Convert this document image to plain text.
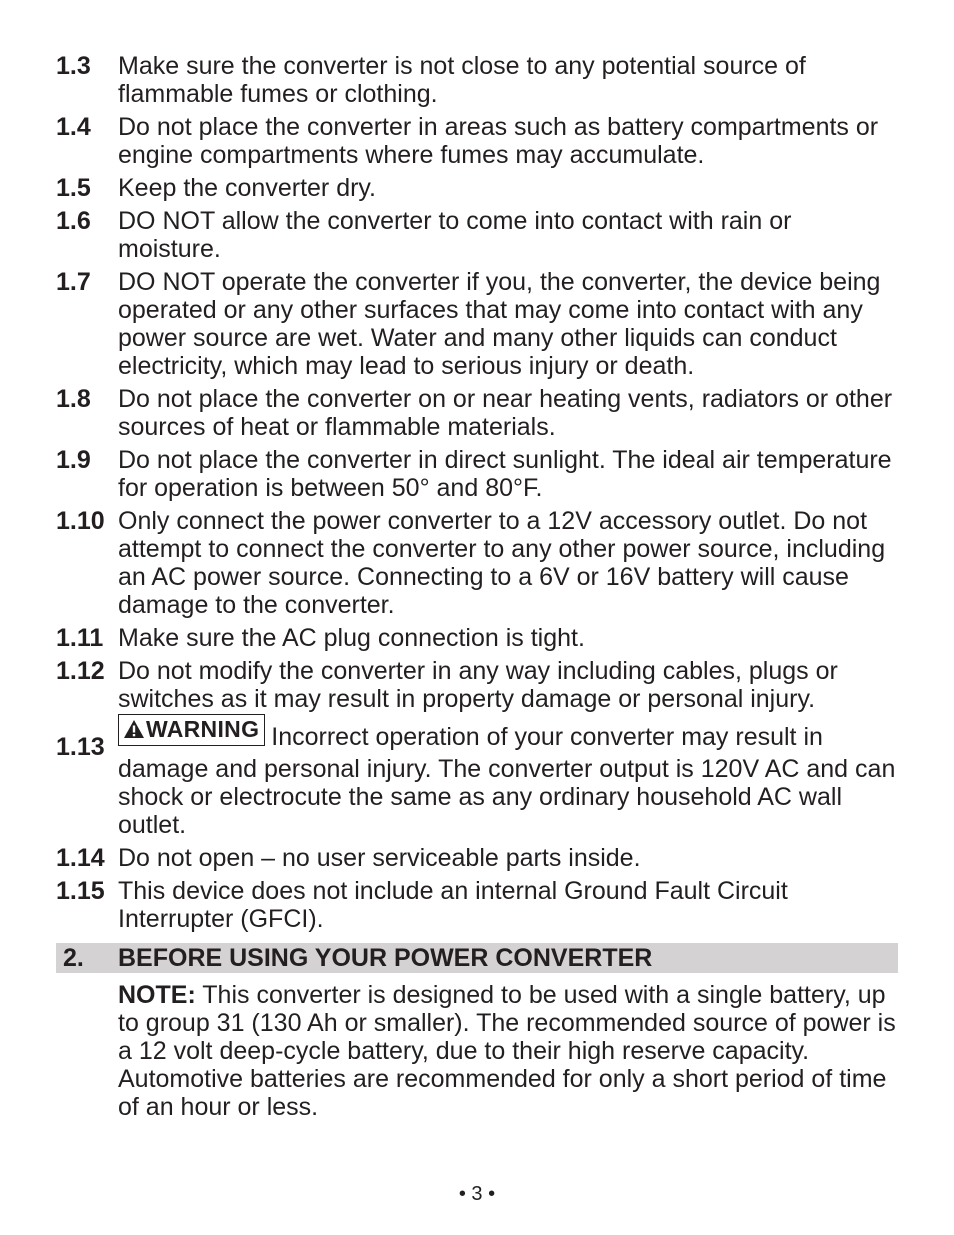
1.3	Make sure the converter is not close to any potential source of flammable fumes or clothing.
1.4	Do not place the converter in areas such as battery compartments or engine compartments where fumes may accumulate.
1.5	Keep the converter dry.
1.6	DO NOT allow the converter to come into contact with rain or moisture.
1.7	DO NOT operate the converter if you, the converter, the device being operated or any other surfaces that may come into contact with any power source are wet. Water and many other liquids can conduct electricity, which may lead to serious injury or death.
1.8	Do not place the converter on or near heating vents, radiators or other sources of heat or flammable materials.
1.9	Do not place the converter in direct sunlight. The ideal air temperature for operation is between 50° and 80°F.
1.10 Only connect the power converter to a 12V accessory outlet. Do not attempt to connect the converter to any other power source, including an AC power source. Connecting to a 6V or 16V battery will cause damage to the converter.
1.11 Make sure the AC plug connection is tight.
1.12 Do not modify the converter in any way including cables, plugs or switches as it may result in property damage or personal injury.
1.13
WARNING Incorrect operation of your converter may result in damage and personal injury. The converter output is 120V AC and can shock or electrocute the same as any ordinary household AC wall outlet.
1.14 Do not open – no user serviceable parts inside.
1.15 This device does not include an internal Ground Fault Circuit Interrupter (GFCI).
2.	BEFORE USING YOUR POWER CONVERTER
NOTE: This converter is designed to be used with a single battery, up to group 31 (130 Ah or smaller). The recommended source of power is a 12 volt deep-cycle battery, due to their high reserve capacity. Automotive batteries are recommended for only a short period of time of an hour or less.
• 3 •
